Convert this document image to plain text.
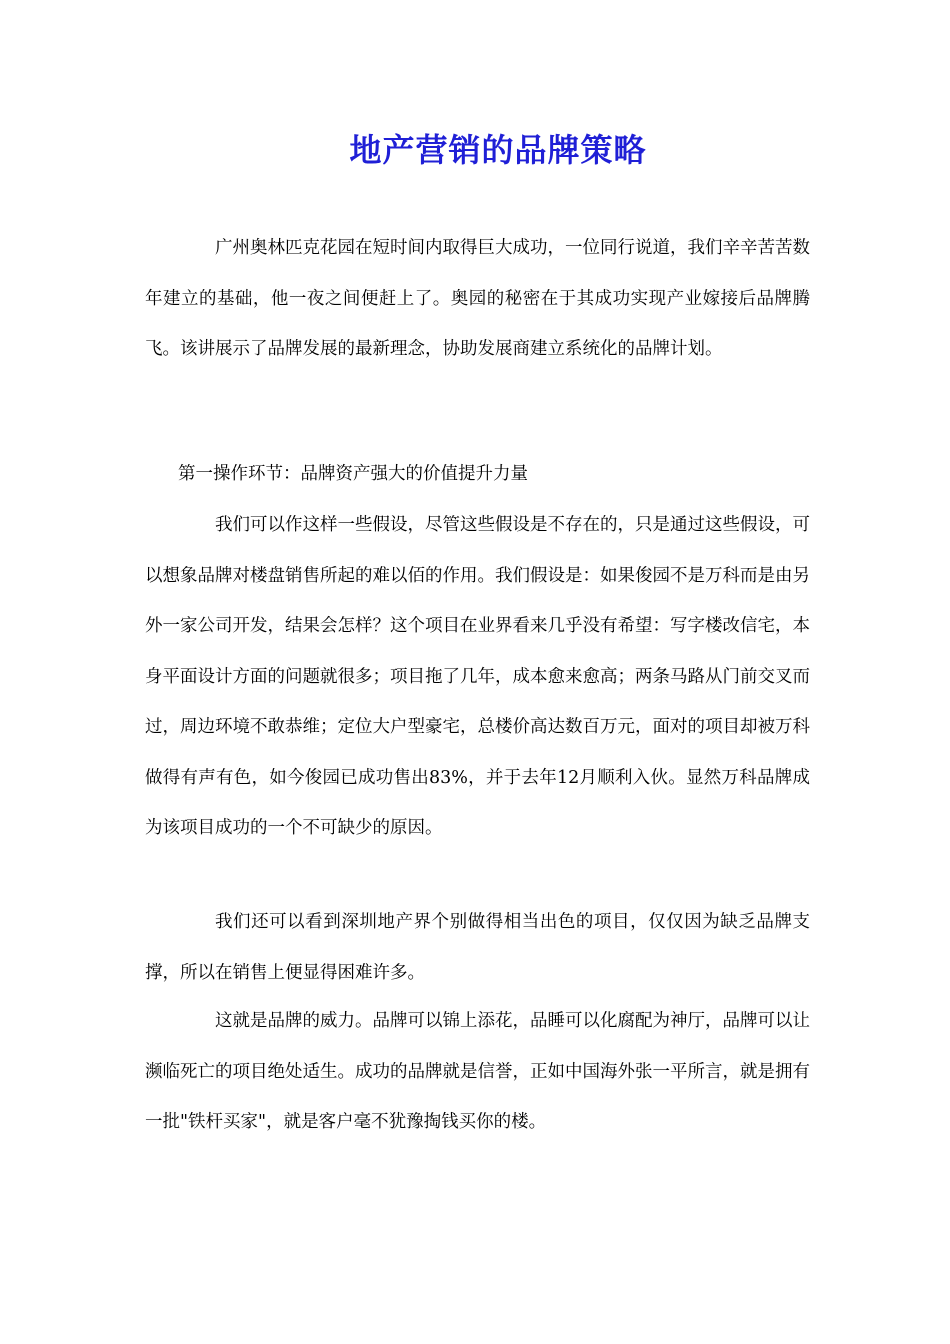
地产营销的品牌策略

广州奥林匹克花园在短时间内取得巨大成功，一位同行说道，我们辛辛苦苦数年建立的基础，他一夜之间便赶上了。奥园的秘密在于其成功实现产业嫁接后品牌腾飞。该讲展示了品牌发展的最新理念，协助发展商建立系统化的品牌计划。

第一操作环节：品牌资产强大的价值提升力量

我们可以作这样一些假设，尽管这些假设是不存在的，只是通过这些假设，可以想象品牌对楼盘销售所起的难以佰的作用。我们假设是：如果俊园不是万科而是由另外一家公司开发，结果会怎样？这个项目在业界看来几乎没有希望：写字楼改信宅，本身平面设计方面的问题就很多；项目拖了几年，成本愈来愈高；两条马路从门前交叉而过，周边环境不敢恭维；定位大户型豪宅，总楼价高达数百万元，面对的项目却被万科做得有声有色，如今俊园已成功售出83%，并于去年12月顺利入伙。显然万科品牌成为该项目成功的一个不可缺少的原因。

我们还可以看到深圳地产界个别做得相当出色的项目，仅仅因为缺乏品牌支撑，所以在销售上便显得困难许多。

这就是品牌的威力。品牌可以锦上添花，品睡可以化腐配为神厅，品牌可以让濒临死亡的项目绝处适生。成功的品牌就是信誉，正如中国海外张一平所言，就是拥有一批"铁杆买家"，就是客户毫不犹豫掏钱买你的楼。
